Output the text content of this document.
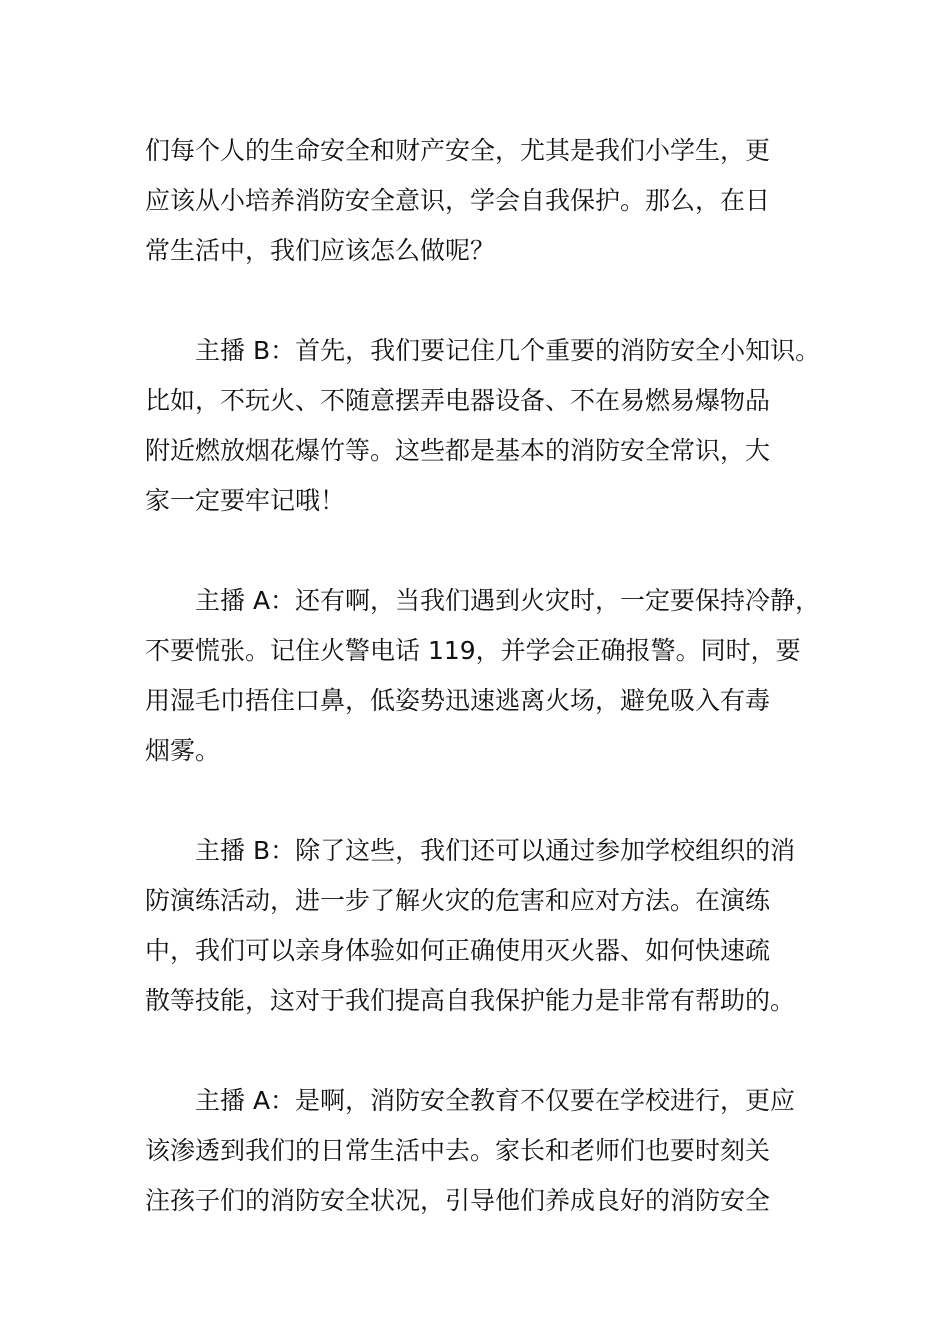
们每个人的生命安全和财产安全，尤其是我们小学生，更
应该从小培养消防安全意识，学会自我保护。那么，在日
常生活中，我们应该怎么做呢？
主播 B：首先，我们要记住几个重要的消防安全小知识。
比如，不玩火、不随意摆弄电器设备、不在易燃易爆物品
附近燃放烟花爆竹等。这些都是基本的消防安全常识，大
家一定要牢记哦！
主播 A：还有啊，当我们遇到火灾时，一定要保持冷静，
不要慌张。记住火警电话 119，并学会正确报警。同时，要
用湿毛巾捂住口鼻，低姿势迅速逃离火场，避免吸入有毒
烟雾。
主播 B：除了这些，我们还可以通过参加学校组织的消
防演练活动，进一步了解火灾的危害和应对方法。在演练
中，我们可以亲身体验如何正确使用灭火器、如何快速疏
散等技能，这对于我们提高自我保护能力是非常有帮助的。
主播 A：是啊，消防安全教育不仅要在学校进行，更应
该渗透到我们的日常生活中去。家长和老师们也要时刻关
注孩子们的消防安全状况，引导他们养成良好的消防安全
